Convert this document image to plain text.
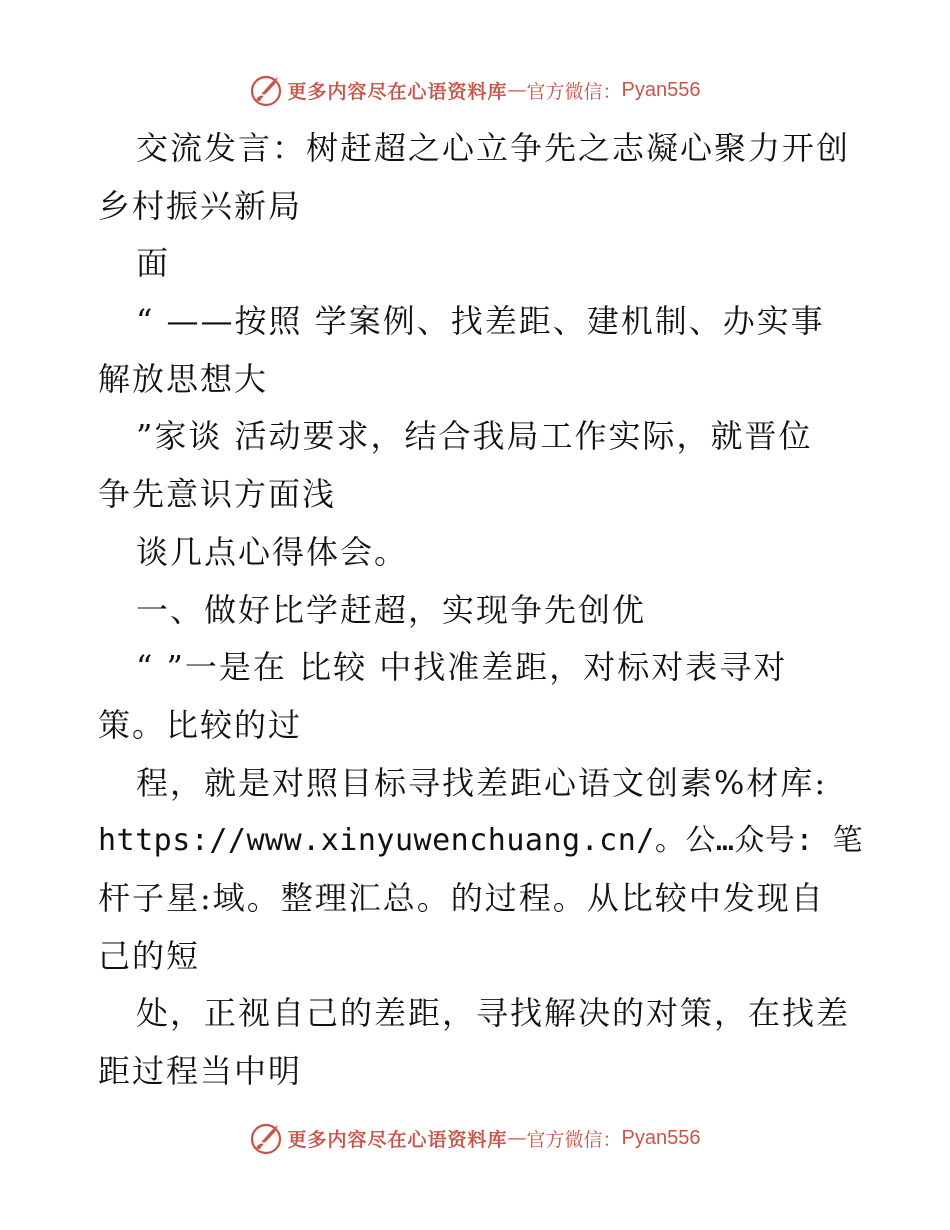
更多内容尽在心语资料库 — 官方微信： Pyan556
交流发言：树赶超之心立争先之志凝心聚力开创
乡村振兴新局
面
“ ——按照 学案例、找差距、建机制、办实事
解放思想大
”家谈 活动要求，结合我局工作实际，就晋位
争先意识方面浅
谈几点心得体会。
一、做好比学赶超，实现争先创优
“ ”一是在 比较 中找准差距，对标对表寻对
策。比较的过
程，就是对照目标寻找差距心语文创素%材库:
https://www.xinyuwenchuang.cn/。公…众号: 笔
杆子星:域。整理汇总。的过程。从比较中发现自
己的短
处，正视自己的差距，寻找解决的对策，在找差
距过程当中明
更多内容尽在心语资料库 — 官方微信： Pyan556
